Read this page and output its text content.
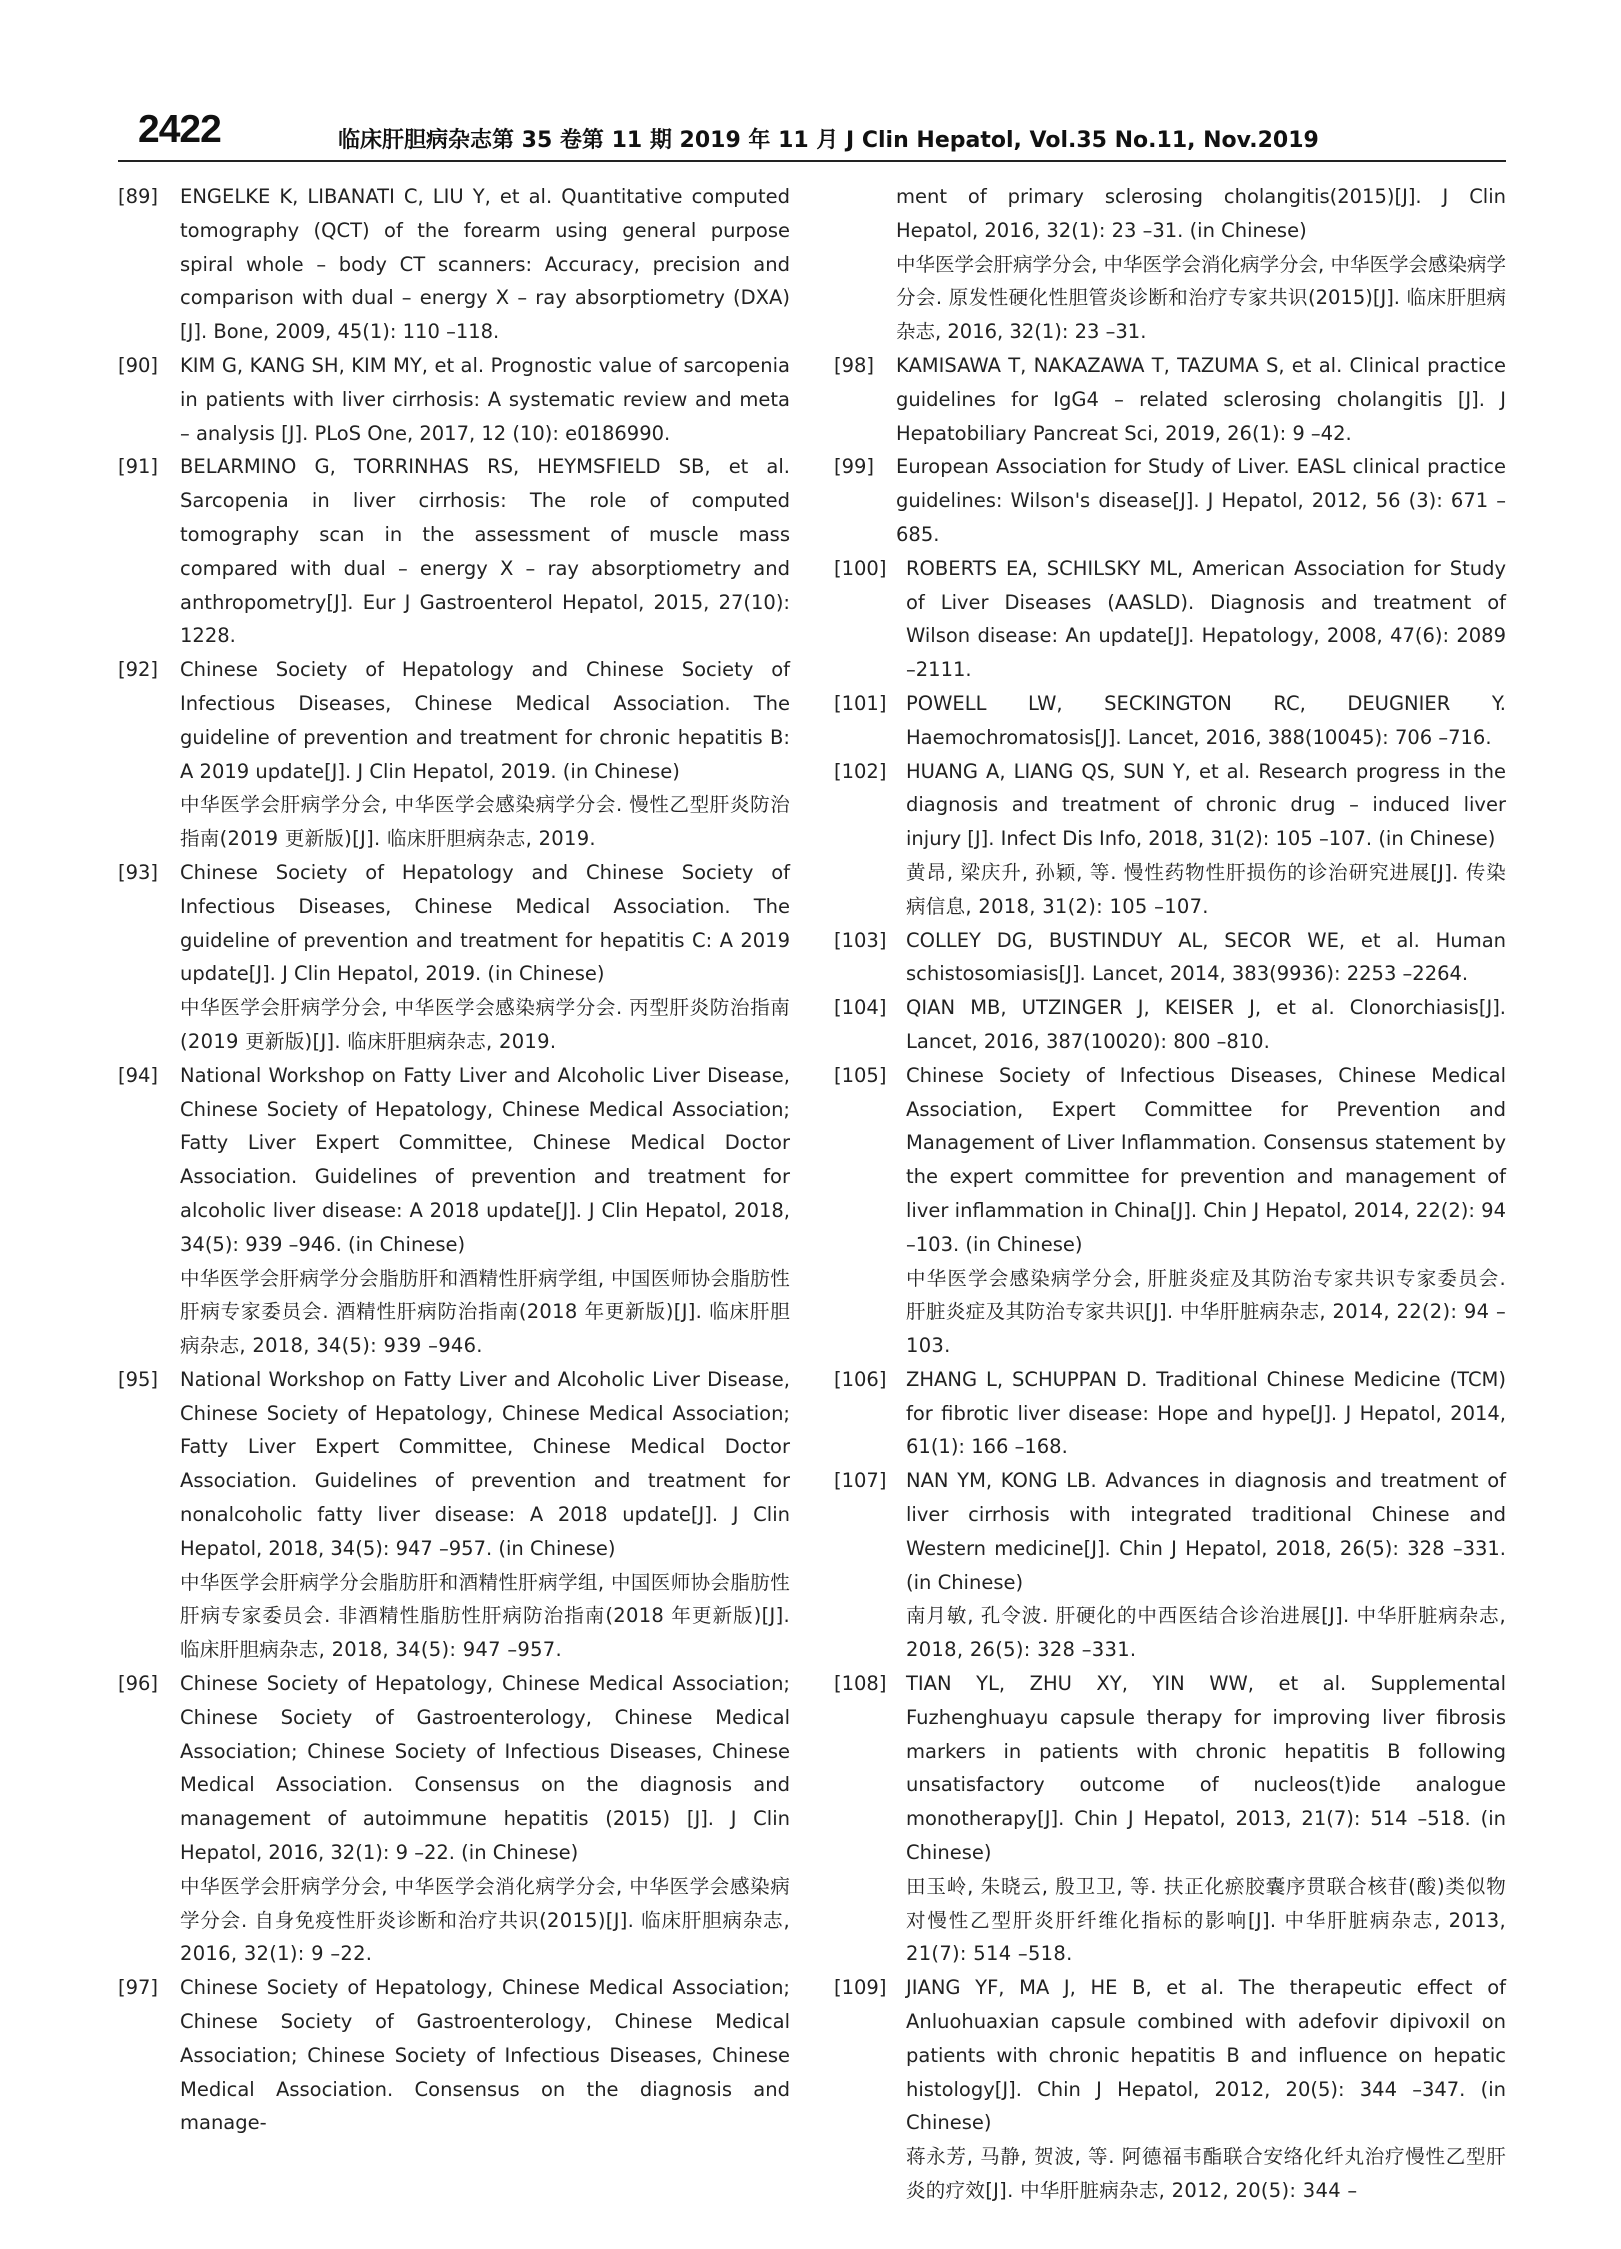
2422	临床肝胆病杂志第 35 卷第 11 期 2019 年 11 月 J Clin Hepatol, Vol.35 No.11, Nov.2019
[89] ENGELKE K, LIBANATI C, LIU Y, et al. Quantitative computed tomography (QCT) of the forearm using general purpose spiral whole – body CT scanners: Accuracy, precision and comparison with dual – energy X – ray absorptiometry (DXA) [J]. Bone, 2009, 45(1): 110 –118.
[90] KIM G, KANG SH, KIM MY, et al. Prognostic value of sarcopenia in patients with liver cirrhosis: A systematic review and meta – analysis [J]. PLoS One, 2017, 12 (10): e0186990.
[91] BELARMINO G, TORRINHAS RS, HEYMSFIELD SB, et al. Sarcopenia in liver cirrhosis: The role of computed tomography scan in the assessment of muscle mass compared with dual – energy X – ray absorptiometry and anthropometry[J]. Eur J Gastroenterol Hepatol, 2015, 27(10): 1228.
[92] Chinese Society of Hepatology and Chinese Society of Infectious Diseases, Chinese Medical Association. The guideline of prevention and treatment for chronic hepatitis B: A 2019 update[J]. J Clin Hepatol, 2019. (in Chinese)
中华医学会肝病学分会, 中华医学会感染病学分会. 慢性乙型肝炎防治指南(2019 更新版)[J]. 临床肝胆病杂志, 2019.
[93] Chinese Society of Hepatology and Chinese Society of Infectious Diseases, Chinese Medical Association. The guideline of prevention and treatment for hepatitis C: A 2019 update[J]. J Clin Hepatol, 2019. (in Chinese)
中华医学会肝病学分会, 中华医学会感染病学分会. 丙型肝炎防治指南(2019 更新版)[J]. 临床肝胆病杂志, 2019.
[94] National Workshop on Fatty Liver and Alcoholic Liver Disease, Chinese Society of Hepatology, Chinese Medical Association; Fatty Liver Expert Committee, Chinese Medical Doctor Association. Guidelines of prevention and treatment for alcoholic liver disease: A 2018 update[J]. J Clin Hepatol, 2018, 34(5): 939 –946. (in Chinese)
中华医学会肝病学分会脂肪肝和酒精性肝病学组, 中国医师协会脂肪性肝病专家委员会. 酒精性肝病防治指南(2018 年更新版)[J]. 临床肝胆病杂志, 2018, 34(5): 939 –946.
[95] National Workshop on Fatty Liver and Alcoholic Liver Disease, Chinese Society of Hepatology, Chinese Medical Association; Fatty Liver Expert Committee, Chinese Medical Doctor Association. Guidelines of prevention and treatment for nonalcoholic fatty liver disease: A 2018 update[J]. J Clin Hepatol, 2018, 34(5): 947 –957. (in Chinese)
中华医学会肝病学分会脂肪肝和酒精性肝病学组, 中国医师协会脂肪性肝病专家委员会. 非酒精性脂肪性肝病防治指南(2018 年更新版)[J]. 临床肝胆病杂志, 2018, 34(5): 947 –957.
[96] Chinese Society of Hepatology, Chinese Medical Association; Chinese Society of Gastroenterology, Chinese Medical Association; Chinese Society of Infectious Diseases, Chinese Medical Association. Consensus on the diagnosis and management of autoimmune hepatitis (2015) [J]. J Clin Hepatol, 2016, 32(1): 9 –22. (in Chinese)
中华医学会肝病学分会, 中华医学会消化病学分会, 中华医学会感染病学分会. 自身免疫性肝炎诊断和治疗共识(2015)[J]. 临床肝胆病杂志, 2016, 32(1): 9 –22.
[97] Chinese Society of Hepatology, Chinese Medical Association; Chinese Society of Gastroenterology, Chinese Medical Association; Chinese Society of Infectious Diseases, Chinese Medical Association. Consensus on the diagnosis and manage-
ment of primary sclerosing cholangitis(2015)[J]. J Clin Hepatol, 2016, 32(1): 23 –31. (in Chinese)
中华医学会肝病学分会, 中华医学会消化病学分会, 中华医学会感染病学分会. 原发性硬化性胆管炎诊断和治疗专家共识(2015)[J]. 临床肝胆病杂志, 2016, 32(1): 23 –31.
[98] KAMISAWA T, NAKAZAWA T, TAZUMA S, et al. Clinical practice guidelines for IgG4 – related sclerosing cholangitis [J]. J Hepatobiliary Pancreat Sci, 2019, 26(1): 9 –42.
[99] European Association for Study of Liver. EASL clinical practice guidelines: Wilson's disease[J]. J Hepatol, 2012, 56 (3): 671 –685.
[100] ROBERTS EA, SCHILSKY ML, American Association for Study of Liver Diseases (AASLD). Diagnosis and treatment of Wilson disease: An update[J]. Hepatology, 2008, 47(6): 2089 –2111.
[101] POWELL LW, SECKINGTON RC, DEUGNIER Y. Haemochromatosis[J]. Lancet, 2016, 388(10045): 706 –716.
[102] HUANG A, LIANG QS, SUN Y, et al. Research progress in the diagnosis and treatment of chronic drug – induced liver injury [J]. Infect Dis Info, 2018, 31(2): 105 –107. (in Chinese)
黄昂, 梁庆升, 孙颖, 等. 慢性药物性肝损伤的诊治研究进展[J]. 传染病信息, 2018, 31(2): 105 –107.
[103] COLLEY DG, BUSTINDUY AL, SECOR WE, et al. Human schistosomiasis[J]. Lancet, 2014, 383(9936): 2253 –2264.
[104] QIAN MB, UTZINGER J, KEISER J, et al. Clonorchiasis[J]. Lancet, 2016, 387(10020): 800 –810.
[105] Chinese Society of Infectious Diseases, Chinese Medical Association, Expert Committee for Prevention and Management of Liver Inflammation. Consensus statement by the expert committee for prevention and management of liver inflammation in China[J]. Chin J Hepatol, 2014, 22(2): 94 –103. (in Chinese)
中华医学会感染病学分会, 肝脏炎症及其防治专家共识专家委员会. 肝脏炎症及其防治专家共识[J]. 中华肝脏病杂志, 2014, 22(2): 94 –103.
[106] ZHANG L, SCHUPPAN D. Traditional Chinese Medicine (TCM) for fibrotic liver disease: Hope and hype[J]. J Hepatol, 2014, 61(1): 166 –168.
[107] NAN YM, KONG LB. Advances in diagnosis and treatment of liver cirrhosis with integrated traditional Chinese and Western medicine[J]. Chin J Hepatol, 2018, 26(5): 328 –331. (in Chinese)
南月敏, 孔令波. 肝硬化的中西医结合诊治进展[J]. 中华肝脏病杂志, 2018, 26(5): 328 –331.
[108] TIAN YL, ZHU XY, YIN WW, et al. Supplemental Fuzhenghuayu capsule therapy for improving liver fibrosis markers in patients with chronic hepatitis B following unsatisfactory outcome of nucleos(t)ide analogue monotherapy[J]. Chin J Hepatol, 2013, 21(7): 514 –518. (in Chinese)
田玉岭, 朱晓云, 殷卫卫, 等. 扶正化瘀胶囊序贯联合核苷(酸)类似物对慢性乙型肝炎肝纤维化指标的影响[J]. 中华肝脏病杂志, 2013, 21(7): 514 –518.
[109] JIANG YF, MA J, HE B, et al. The therapeutic effect of Anluohuaxian capsule combined with adefovir dipivoxil on patients with chronic hepatitis B and influence on hepatic histology[J]. Chin J Hepatol, 2012, 20(5): 344 –347. (in Chinese)
蒋永芳, 马静, 贺波, 等. 阿德福韦酯联合安络化纤丸治疗慢性乙型肝炎的疗效[J]. 中华肝脏病杂志, 2012, 20(5): 344 –
